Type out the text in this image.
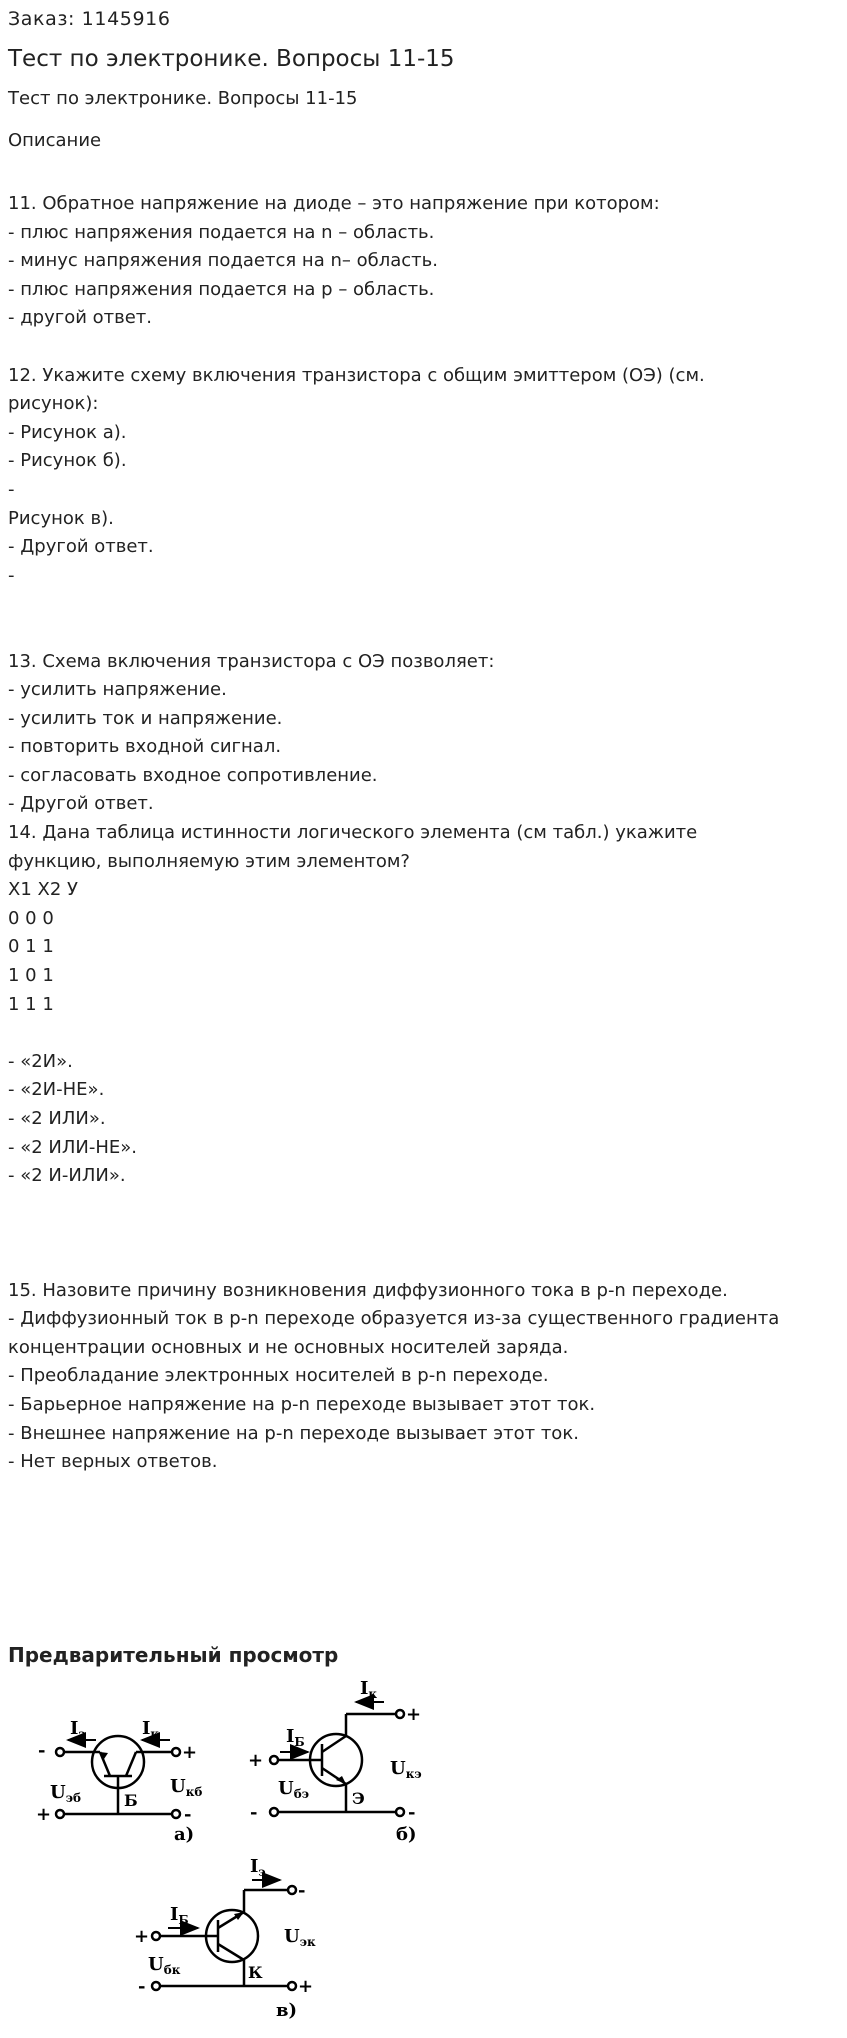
Заказ: 1145916
Тест по электронике. Вопросы 11-15
Тест по электронике. Вопросы 11-15
Описание
11. Обратное напряжение на диоде – это напряжение при котором:
- плюс напряжения подается на n – область.
- минус напряжения подается на n– область.
- плюс напряжения подается на р – область.
- другой ответ.
12. Укажите схему включения транзистора с общим эмиттером (ОЭ) (см.
рисунок):
- Рисунок а).
- Рисунок б).
-
Рисунок в).
- Другой ответ.
-
13. Схема включения транзистора с ОЭ позволяет:
- усилить напряжение.
- усилить ток и напряжение.
- повторить входной сигнал.
- согласовать входное сопротивление.
- Другой ответ.
14. Дана таблица истинности логического элемента (см табл.) укажите
функцию, выполняемую этим элементом?
X1 X2 У
0 0 0
0 1 1
1 0 1
1 1 1
- «2И».
- «2И-НЕ».
- «2 ИЛИ».
- «2 ИЛИ-НЕ».
- «2 И-ИЛИ».
15. Назовите причину возникновения диффузионного тока в p-n переходе.
- Диффузионный ток в p-n переходе образуется из-за существенного градиента
концентрации основных и не основных носителей заряда.
- Преобладание электронных носителей в p-n переходе.
- Барьерное напряжение на p-n переходе вызывает этот ток.
- Внешнее напряжение на p-n переходе вызывает этот ток.
- Нет верных ответов.
Предварительный просмотр
-
+
+
-
$I_э$	$I_к$
$U_{эб}$
$U_{кб}$
Б
а)
+
+
-	-
$I_к$
$I_Б$
$U_{бэ}$
$U_{кэ}$
Э
б)
-
+
-	+
$I_э$
$I_Б$
$U_{бк}$
$U_{эк}$
К
в)
